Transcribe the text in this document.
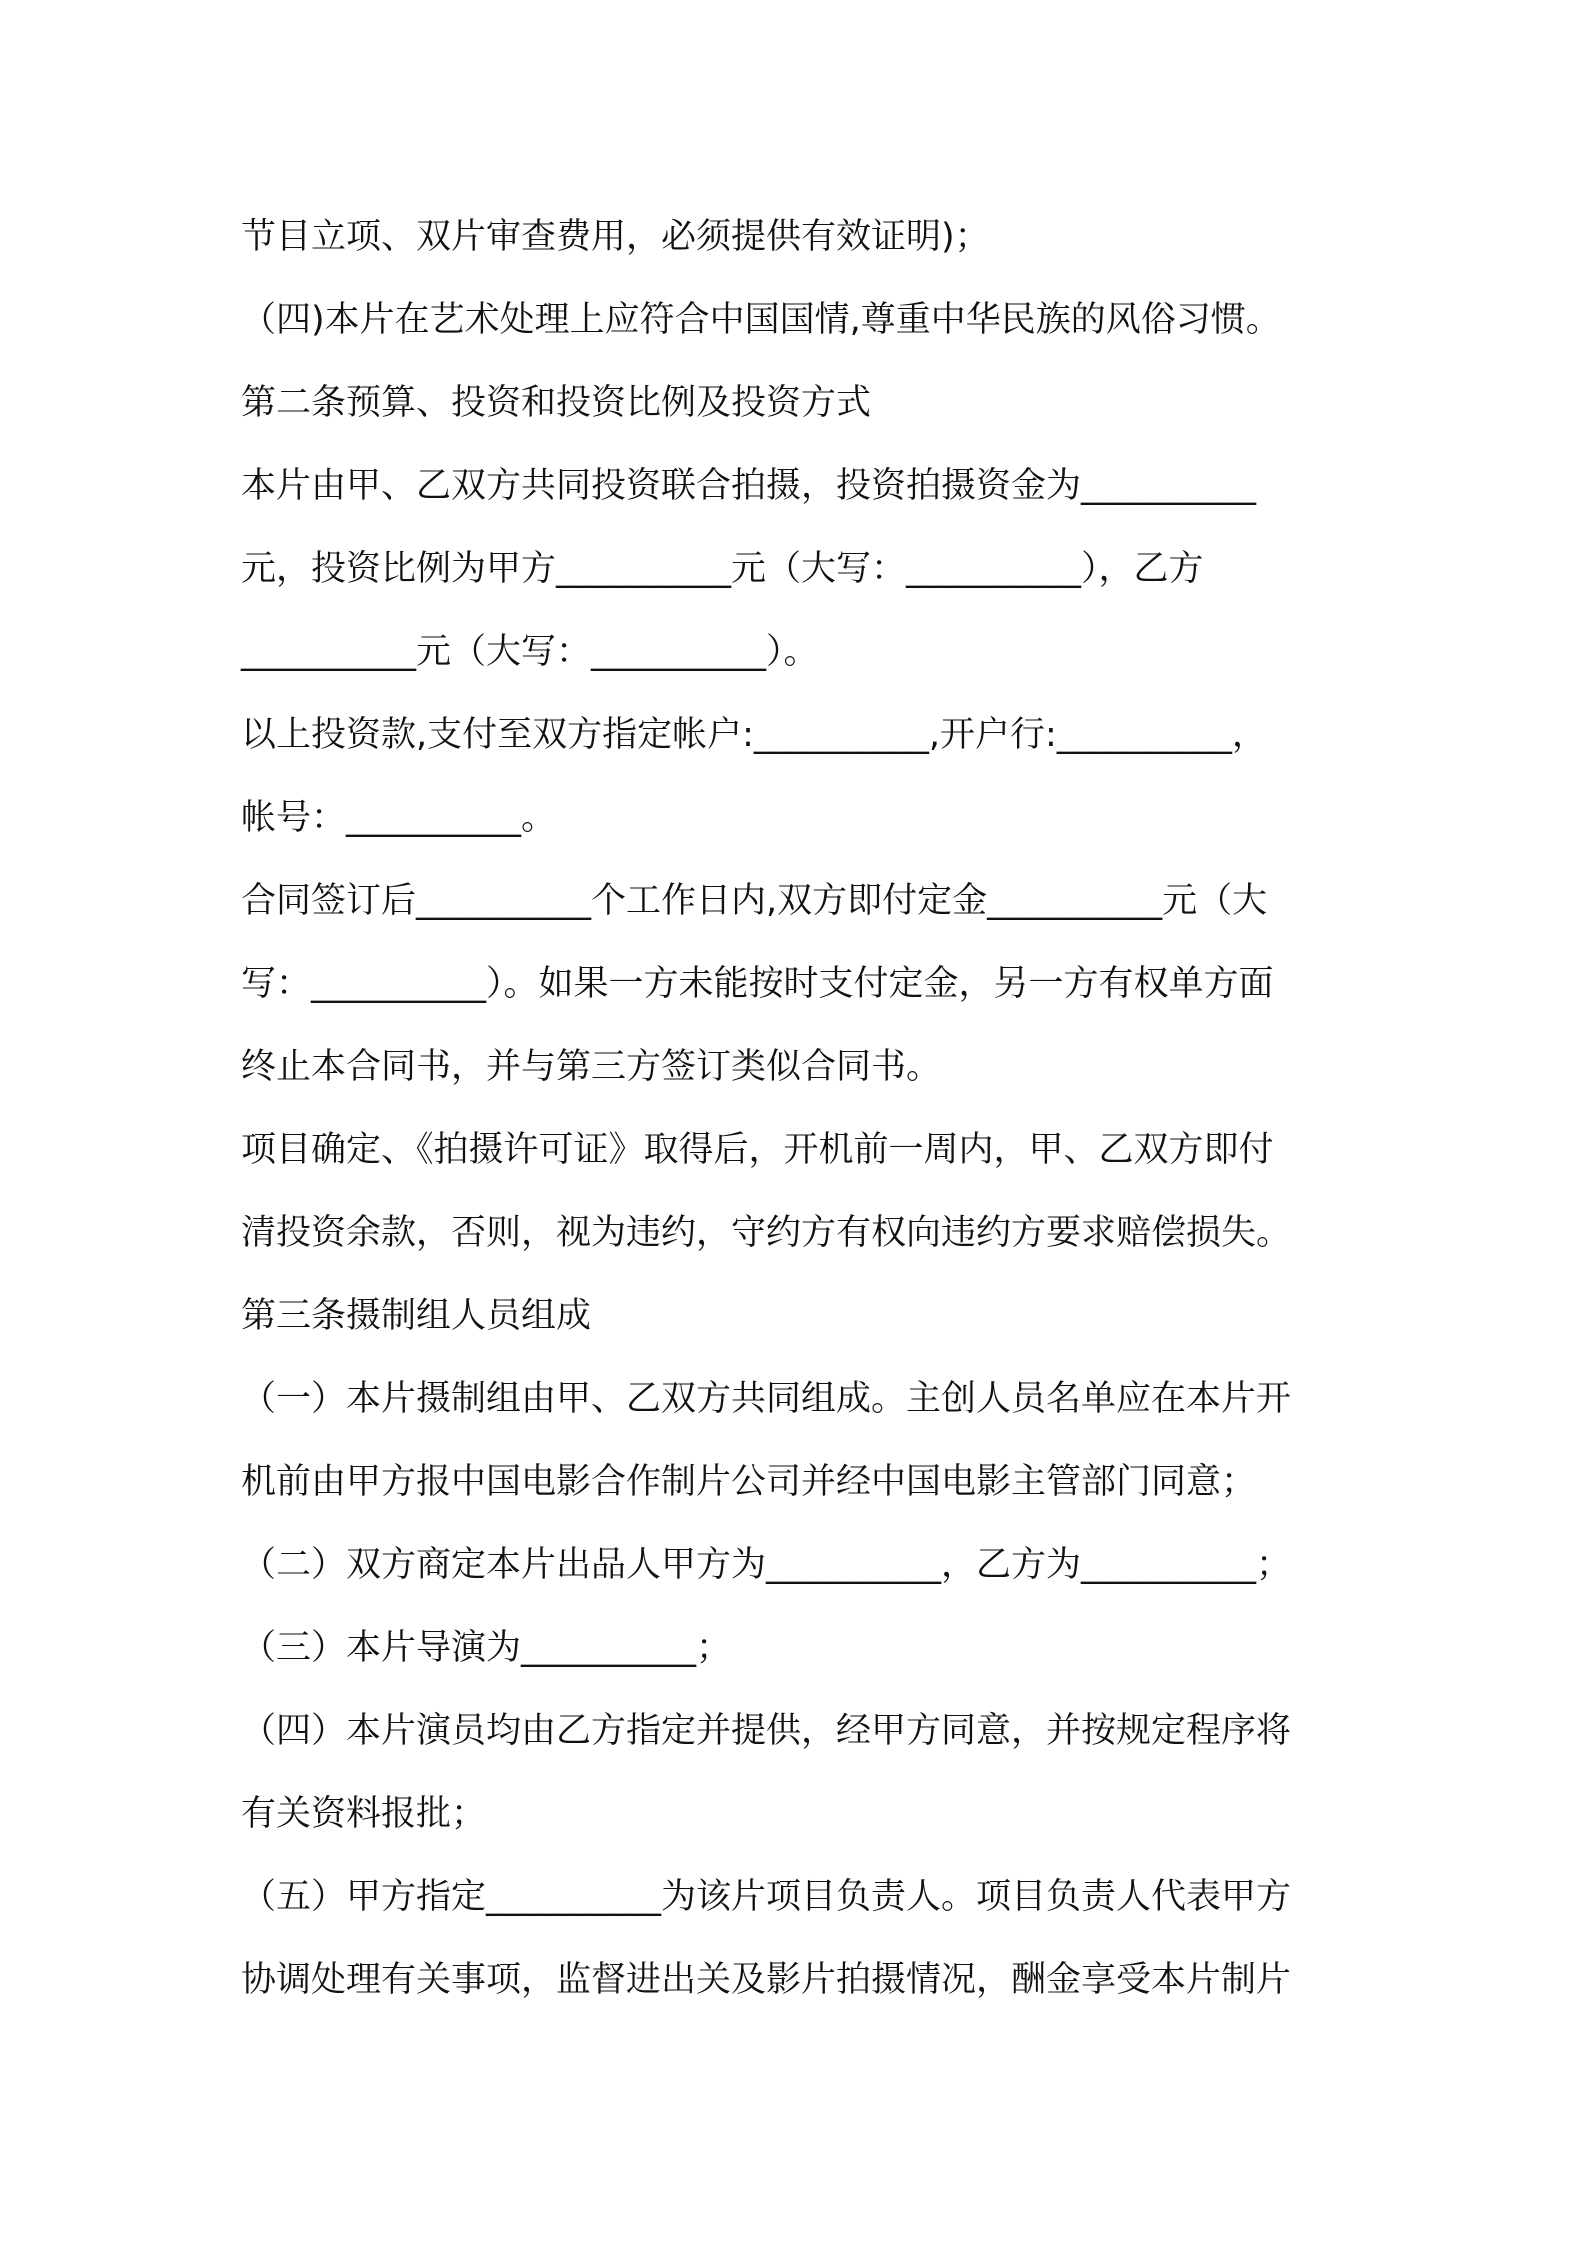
节目立项、双片审查费用，必须提供有效证明)；
（四)本片在艺术处理上应符合中国国情,尊重中华民族的风俗习惯。
第二条预算、投资和投资比例及投资方式
本片由甲、乙双方共同投资联合拍摄，投资拍摄资金为__________
元，投资比例为甲方__________元（大写：__________），乙方
__________元（大写：__________）。
以上投资款,支付至双方指定帐户:__________,开户行:__________，
帐号：__________。
合同签订后__________个工作日内,双方即付定金__________元（大
写：__________）。如果一方未能按时支付定金，另一方有权单方面
终止本合同书，并与第三方签订类似合同书。
项目确定、《拍摄许可证》取得后，开机前一周内，甲、乙双方即付
清投资余款，否则，视为违约，守约方有权向违约方要求赔偿损失。
第三条摄制组人员组成
（一）本片摄制组由甲、乙双方共同组成。主创人员名单应在本片开
机前由甲方报中国电影合作制片公司并经中国电影主管部门同意；
（二）双方商定本片出品人甲方为__________，乙方为__________；
（三）本片导演为__________；
（四）本片演员均由乙方指定并提供，经甲方同意，并按规定程序将
有关资料报批；
（五）甲方指定__________为该片项目负责人。项目负责人代表甲方
协调处理有关事项，监督进出关及影片拍摄情况，酬金享受本片制片
